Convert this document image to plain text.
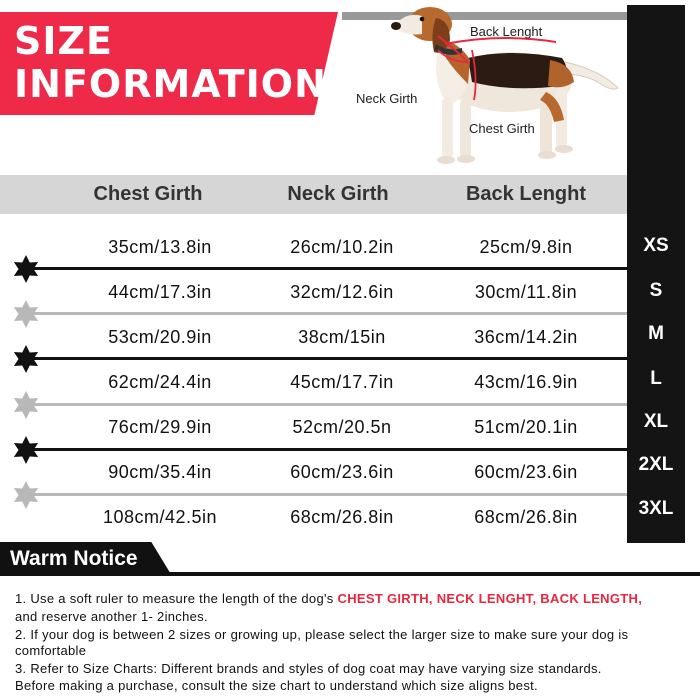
SIZE
INFORMATION
Back Lenght
Neck Girth
Chest Girth
Chest Girth	Neck Girth	Back Lenght
35cm/13.8in	26cm/10.2in	25cm/9.8in	XS
44cm/17.3in	32cm/12.6in	30cm/11.8in	S
53cm/20.9in	38cm/15in	36cm/14.2in	M
62cm/24.4in	45cm/17.7in	43cm/16.9in	L
76cm/29.9in	52cm/20.5n	51cm/20.1in	XL
90cm/35.4in	60cm/23.6in	60cm/23.6in	2XL
108cm/42.5in	68cm/26.8in	68cm/26.8in	3XL
Warm Notice
1. Use a soft ruler to measure the length of the dog's CHEST GIRTH, NECK LENGHT, BACK LENGTH,
and reserve another 1- 2inches.
2. If your dog is between 2 sizes or growing up, please select the larger size to make sure your dog is
comfortable
3. Refer to Size Charts: Different brands and styles of dog coat may have varying size standards.
Before making a purchase, consult the size chart to understand which size aligns best.
